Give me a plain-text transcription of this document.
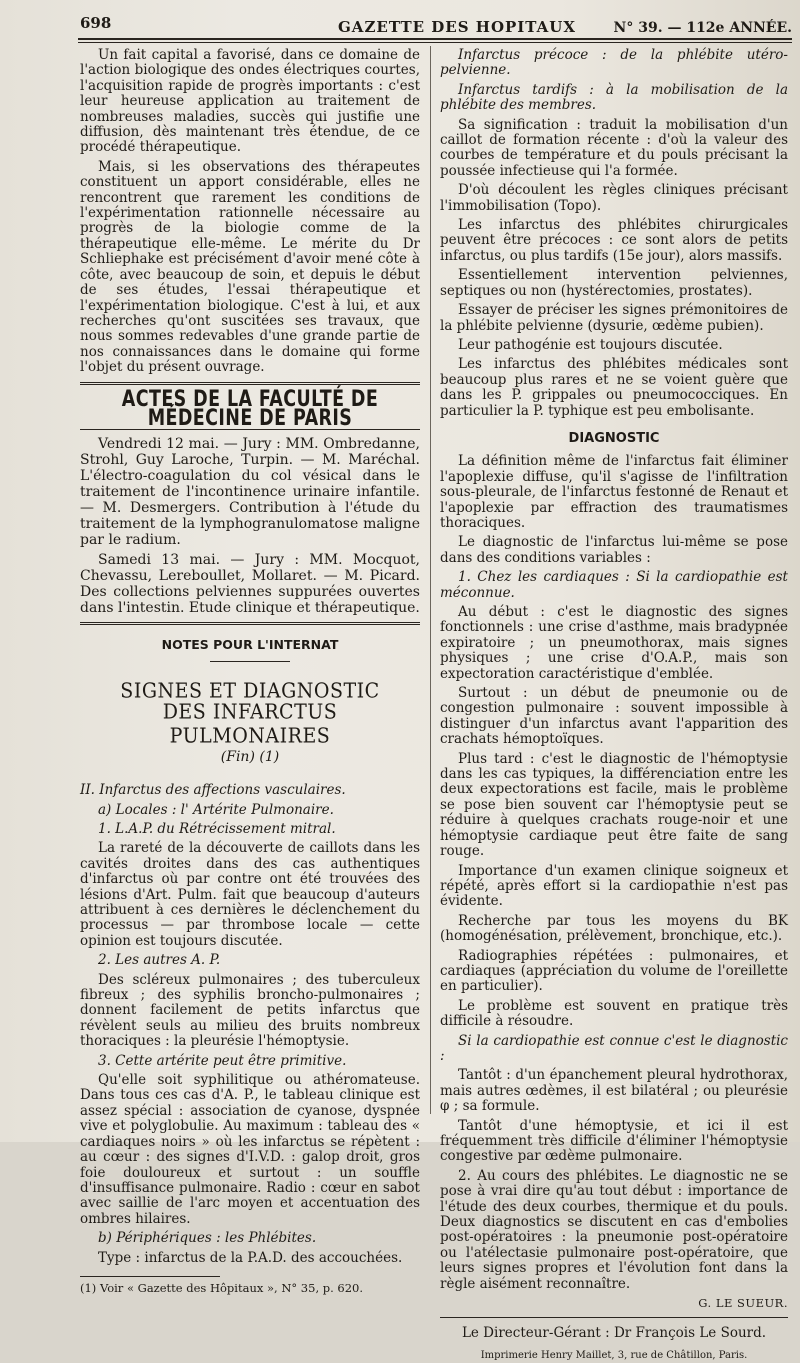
698	GAZETTE DES HOPITAUX	N° 39. — 112e ANNÉE.

Un fait capital a favorisé, dans ce domaine de l'action biologique des ondes électriques courtes, l'acquisition rapide de progrès importants : c'est leur heureuse application au traitement de nombreuses maladies, succès qui justifie une diffusion, dès maintenant très étendue, de ce procédé thérapeutique.

Mais, si les observations des thérapeutes constituent un apport considérable, elles ne rencontrent que rarement les conditions de l'expérimentation rationnelle nécessaire au progrès de la biologie comme de la thérapeutique elle-même. Le mérite du Dr Schliephake est précisément d'avoir mené côte à côte, avec beaucoup de soin, et depuis le début de ses études, l'essai thérapeutique et l'expérimentation biologique. C'est à lui, et aux recherches qu'ont suscitées ses travaux, que nous sommes redevables d'une grande partie de nos connaissances dans le domaine qui forme l'objet du présent ouvrage.

ACTES DE LA FACULTÉ DE MÉDECINE DE PARIS

Vendredi 12 mai. — Jury : MM. Ombredanne, Strohl, Guy Laroche, Turpin. — M. Maréchal. L'électro-coagulation du col vésical dans le traitement de l'incontinence urinaire infantile. — M. Desmergers. Contribution à l'étude du traitement de la lymphogranulomatose maligne par le radium.

Samedi 13 mai. — Jury : MM. Mocquot, Chevassu, Lereboullet, Mollaret. — M. Picard. Des collections pelviennes suppurées ouvertes dans l'intestin. Etude clinique et thérapeutique.

NOTES POUR L'INTERNAT
SIGNES ET DIAGNOSTIC
DES INFARCTUS PULMONAIRES
(Fin) (1)

II. Infarctus des affections vasculaires.

a) Locales : l' Artérite Pulmonaire.

1. L.A.P. du Rétrécissement mitral.

La rareté de la découverte de caillots dans les cavités droites dans des cas authentiques d'infarctus où par contre ont été trouvées des lésions d'Art. Pulm. fait que beaucoup d'auteurs attribuent à ces dernières le déclenchement du processus — par thrombose locale — cette opinion est toujours discutée.

2. Les autres A. P.

Des scléreux pulmonaires ; des tuberculeux fibreux ; des syphilis broncho-pulmonaires ; donnent facilement de petits infarctus que révèlent seuls au milieu des bruits nombreux thoraciques : la pleurésie l'hémoptysie.

3. Cette artérite peut être primitive.

Qu'elle soit syphilitique ou athéromateuse. Dans tous ces cas d'A. P., le tableau clinique est assez spécial : association de cyanose, dyspnée vive et polyglobulie. Au maximum : tableau des « cardiaques noirs » où les infarctus se répètent : au cœur : des signes d'I.V.D. : galop droit, gros foie douloureux et surtout : un souffle d'insuffisance pulmonaire. Radio : cœur en sabot avec saillie de l'arc moyen et accentuation des ombres hilaires.

b) Périphériques : les Phlébites.

Type : infarctus de la P.A.D. des accouchées.

(1) Voir « Gazette des Hôpitaux », N° 35, p. 620.

Infarctus précoce : de la phlébite utéro-pelvienne.

Infarctus tardifs : à la mobilisation de la phlébite des membres.

Sa signification : traduit la mobilisation d'un caillot de formation récente : d'où la valeur des courbes de température et du pouls précisant la poussée infectieuse qui l'a formée.

D'où découlent les règles cliniques précisant l'immobilisation (Topo).

Les infarctus des phlébites chirurgicales peuvent être précoces : ce sont alors de petits infarctus, ou plus tardifs (15e jour), alors massifs.

Essentiellement intervention pelviennes, septiques ou non (hystérectomies, prostates).

Essayer de préciser les signes prémonitoires de la phlébite pelvienne (dysurie, œdème pubien).

Leur pathogénie est toujours discutée.

Les infarctus des phlébites médicales sont beaucoup plus rares et ne se voient guère que dans les P. grippales ou pneumococciques. En particulier la P. typhique est peu embolisante.

DIAGNOSTIC

La définition même de l'infarctus fait éliminer l'apoplexie diffuse, qu'il s'agisse de l'infiltration sous-pleurale, de l'infarctus festonné de Renaut et l'apoplexie par effraction des traumatismes thoraciques.

Le diagnostic de l'infarctus lui-même se pose dans des conditions variables :

1. Chez les cardiaques : Si la cardiopathie est méconnue.

Au début : c'est le diagnostic des signes fonctionnels : une crise d'asthme, mais bradypnée expiratoire ; un pneumothorax, mais signes physiques ; une crise d'O.A.P., mais son expectoration caractéristique d'emblée.

Surtout : un début de pneumonie ou de congestion pulmonaire : souvent impossible à distinguer d'un infarctus avant l'apparition des crachats hémoptoïques.

Plus tard : c'est le diagnostic de l'hémoptysie dans les cas typiques, la différenciation entre les deux expectorations est facile, mais le problème se pose bien souvent car l'hémoptysie peut se réduire à quelques crachats rouge-noir et une hémoptysie cardiaque peut être faite de sang rouge.

Importance d'un examen clinique soigneux et répété, après effort si la cardiopathie n'est pas évidente.

Recherche par tous les moyens du BK (homogénésation, prélèvement, bronchique, etc.).

Radiographies répétées : pulmonaires, et cardiaques (appréciation du volume de l'oreillette en particulier).

Le problème est souvent en pratique très difficile à résoudre.

Si la cardiopathie est connue c'est le diagnostic :

Tantôt : d'un épanchement pleural hydrothorax, mais autres œdèmes, il est bilatéral ; ou pleurésie φ ; sa formule.

Tantôt d'une hémoptysie, et ici il est fréquemment très difficile d'éliminer l'hémoptysie congestive par œdème pulmonaire.

2. Au cours des phlébites. Le diagnostic ne se pose à vrai dire qu'au tout début : importance de l'étude des deux courbes, thermique et du pouls. Deux diagnostics se discutent en cas d'embolies post-opératoires : la pneumonie post-opératoire ou l'atélectasie pulmonaire post-opératoire, que leurs signes propres et l'évolution font dans la règle aisément reconnaître.

G. LE SUEUR.
Le Directeur-Gérant : Dr François Le Sourd.
Imprimerie Henry Maillet, 3, rue de Châtillon, Paris.
